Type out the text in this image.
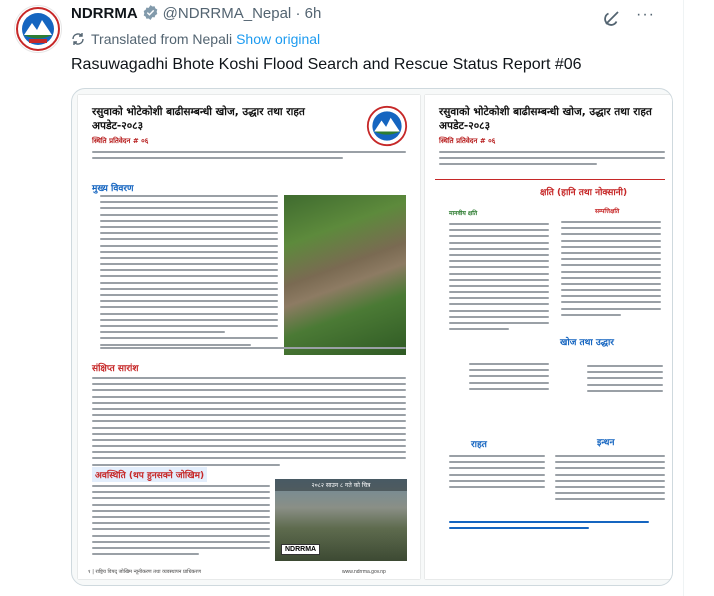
NDRRMA @NDRRMA_Nepal · 6h	···
Translated from Nepali Show original
Rasuwagadhi Bhote Koshi Flood Search and Rescue Status Report #06
रसुवाको भोटेकोशी बाढीसम्बन्धी खोज, उद्धार तथा राहत
अपडेट-२०८३
स्थिति प्रतिवेदन # ०६
मुख्य विवरण
संक्षिप्त सारांश
अवस्थिति (थप हुनसक्ने जोखिम)
२०८२ साउन ८ गते को चित्र
NDRRMA
१ | राष्ट्रिय विपद् जोखिम न्यूनीकरण तथा व्यवस्थापन प्राधिकरण	www.ndrrma.gov.np
रसुवाको भोटेकोशी बाढीसम्बन्धी खोज, उद्धार तथा राहत
अपडेट-२०८३
स्थिति प्रतिवेदन # ०६
क्षति (हानि तथा नोक्सानी)
मानवीय क्षति	सम्पत्तिक्षति
खोज तथा उद्धार
राहत	इन्धन
